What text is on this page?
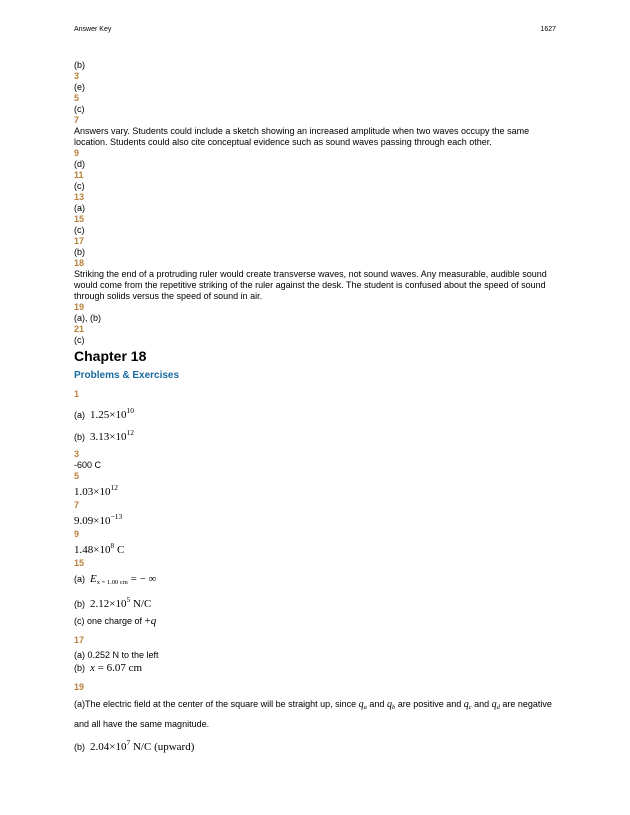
Answer Key	1627
(b)
3
(e)
5
(c)
7
Answers vary. Students could include a sketch showing an increased amplitude when two waves occupy the same location. Students could also cite conceptual evidence such as sound waves passing through each other.
9
(d)
11
(c)
13
(a)
15
(c)
17
(b)
18
Striking the end of a protruding ruler would create transverse waves, not sound waves. Any measurable, audible sound would come from the repetitive striking of the ruler against the desk. The student is confused about the speed of sound through solids versus the speed of sound in air.
19
(a), (b)
21
(c)
Chapter 18
Problems & Exercises
1
(a) $1.25\times 10^{10}$
(b) $3.13\times 10^{12}$
3
-600 C
5
$1.03\times 10^{12}$
7
$9.09\times 10^{-13}$
9
$1.48\times 10^8$ C
15
(a) $E_{x = 1.00 cm}$ = − ∞
(b) $2.12\times 10^5$ N/C
(c) one charge of +q
17
(a) 0.252 N to the left
(b) x = 6.07 cm
19
(a)The electric field at the center of the square will be straight up, since $q_a$ and $q_b$ are positive and $q_c$ and $q_d$ are negative and all have the same magnitude.
(b) $2.04\times 10^7$ N/C (upward)
